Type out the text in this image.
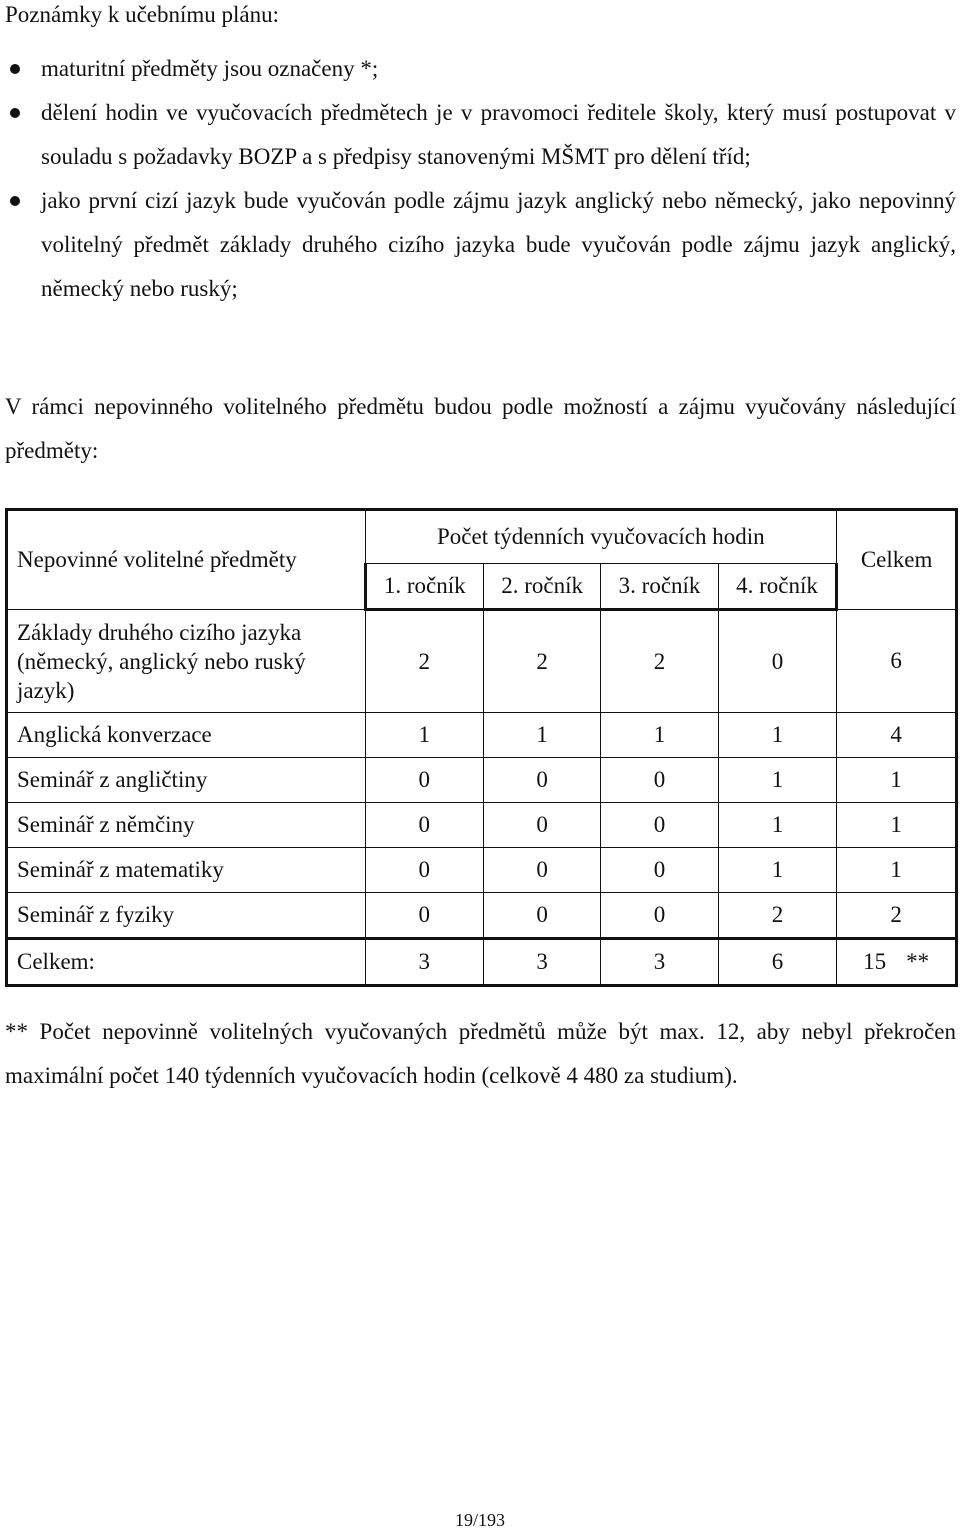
Poznámky k učebnímu plánu:
maturitní předměty jsou označeny *;
dělení hodin ve vyučovacích předmětech je v pravomoci ředitele školy, který musí postupovat v souladu s požadavky BOZP a s předpisy stanovenými MŠMT pro dělení tříd;
jako první cizí jazyk bude vyučován podle zájmu jazyk anglický nebo německý, jako nepovinný volitelný předmět základy druhého cizího jazyka bude vyučován podle zájmu jazyk anglický, německý nebo ruský;
V rámci nepovinného volitelného předmětu budou podle možností a zájmu vyučovány následující předměty:
Nepovinné volitelné předměty	Počet týdenních vyučovacích hodin				Celkem
	1. ročník	2. ročník	3. ročník	4. ročník	
Základy druhého cizího jazyka (německý, anglický nebo ruský jazyk)	2	2	2	0	6
Anglická konverzace	1	1	1	1	4
Seminář z angličtiny	0	0	0	1	1
Seminář z němčiny	0	0	0	1	1
Seminář z matematiky	0	0	0	1	1
Seminář z fyziky	0	0	0	2	2
Celkem:	3	3	3	6	15 **
** Počet nepovinně volitelných vyučovaných předmětů může být max. 12, aby nebyl překročen maximální počet 140 týdenních vyučovacích hodin (celkově 4 480 za studium).
19/193
